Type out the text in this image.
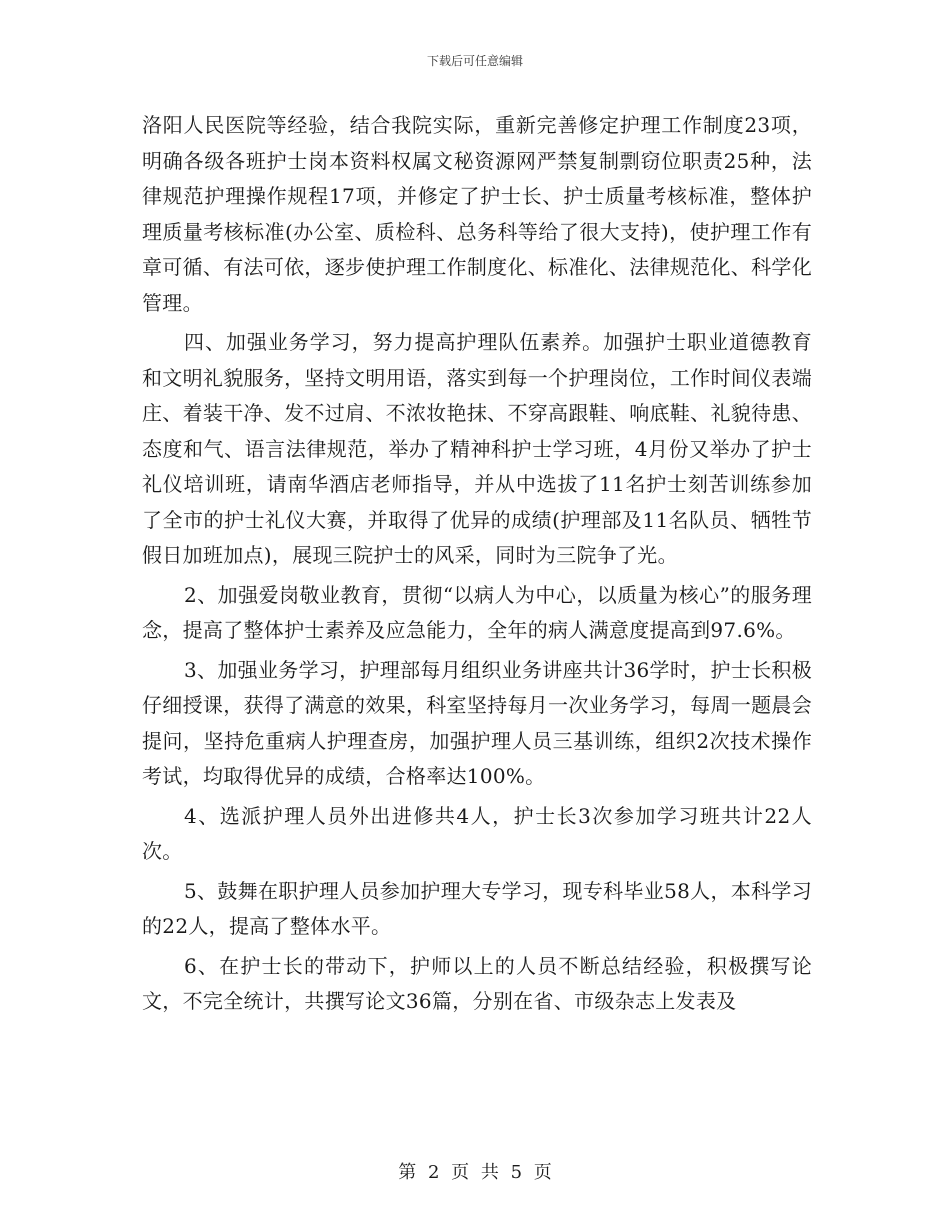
下载后可任意编辑

洛阳人民医院等经验，结合我院实际，重新完善修定护理工作制度23项，明确各级各班护士岗本资料权属文秘资源网严禁复制剽窃位职责25种，法律规范护理操作规程17项，并修定了护士长、护士质量考核标准，整体护理质量考核标准(办公室、质检科、总务科等给了很大支持)，使护理工作有章可循、有法可依，逐步使护理工作制度化、标准化、法律规范化、科学化管理。

四、加强业务学习，努力提高护理队伍素养。加强护士职业道德教育和文明礼貌服务，坚持文明用语，落实到每一个护理岗位，工作时间仪表端庄、着装干净、发不过肩、不浓妆艳抹、不穿高跟鞋、响底鞋、礼貌待患、态度和气、语言法律规范，举办了精神科护士学习班，4月份又举办了护士礼仪培训班，请南华酒店老师指导，并从中选拔了11名护士刻苦训练参加了全市的护士礼仪大赛，并取得了优异的成绩(护理部及11名队员、牺牲节假日加班加点)，展现三院护士的风采，同时为三院争了光。

2、加强爱岗敬业教育，贯彻“以病人为中心，以质量为核心”的服务理念，提高了整体护士素养及应急能力，全年的病人满意度提高到97.6%。

3、加强业务学习，护理部每月组织业务讲座共计36学时，护士长积极仔细授课，获得了满意的效果，科室坚持每月一次业务学习，每周一题晨会提问，坚持危重病人护理查房，加强护理人员三基训练，组织2次技术操作考试，均取得优异的成绩，合格率达100%。

4、选派护理人员外出进修共4人，护士长3次参加学习班共计22人次。

5、鼓舞在职护理人员参加护理大专学习，现专科毕业58人，本科学习的22人，提高了整体水平。

6、在护士长的带动下，护师以上的人员不断总结经验，积极撰写论文，不完全统计，共撰写论文36篇，分别在省、市级杂志上发表及

第 2 页 共 5 页
